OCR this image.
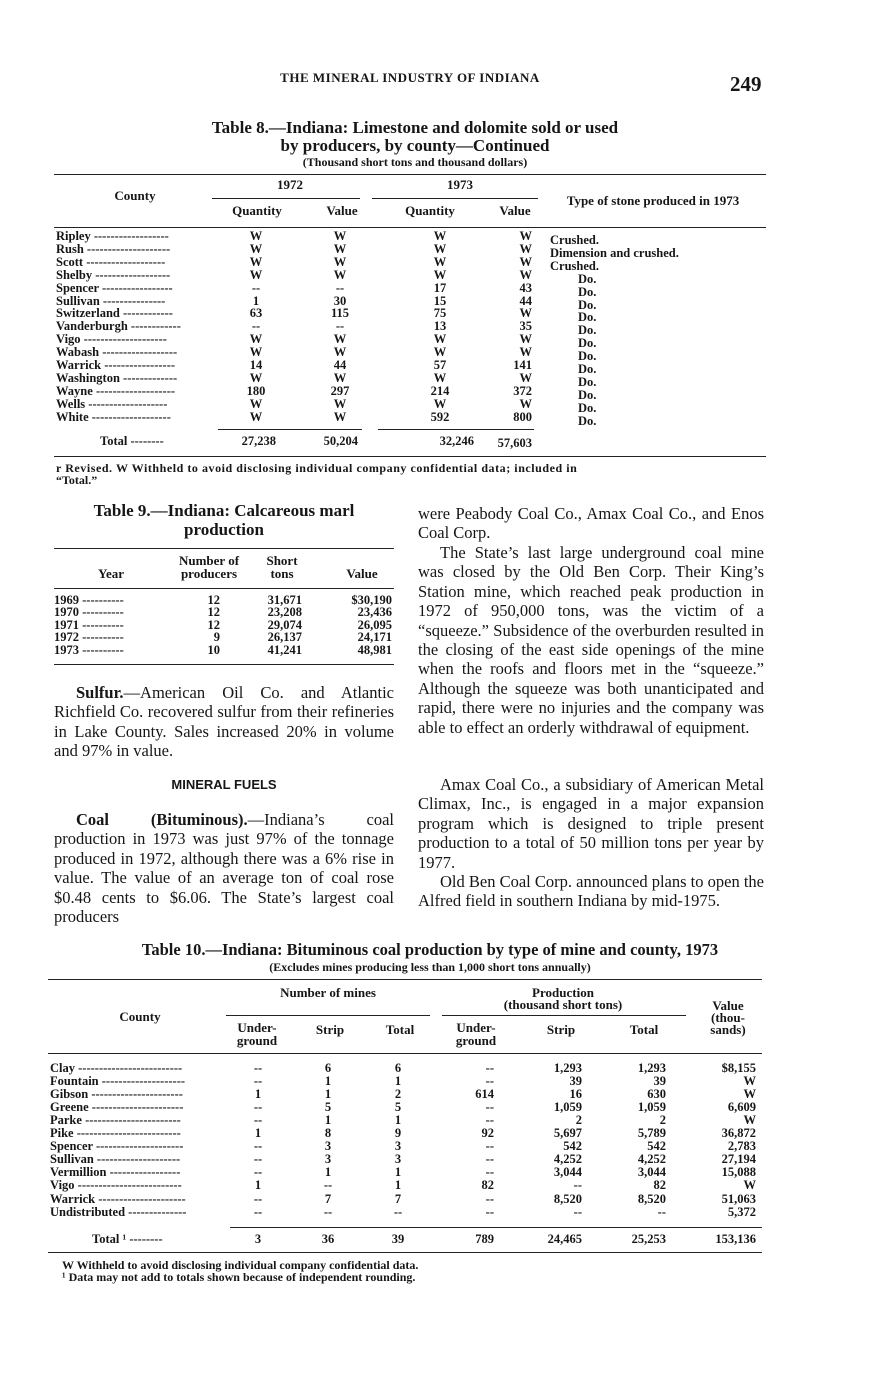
THE MINERAL INDUSTRY OF INDIANA	249
Table 8.—Indiana: Limestone and dolomite sold or used
by producers, by county—Continued
(Thousand short tons and thousand dollars)
County
1972	1973
Quantity	Value	Quantity	Value
Type of stone produced in 1973
Ripley ------------------	W	W	W	W Crushed.
Rush --------------------	W	W	W	W Dimension and crushed.
Scott -------------------	W	W	W	W Crushed.
Shelby ------------------	W	W	W	W	Do.
Spencer -----------------	--	--	17	43	Do.
Sullivan ---------------	1	30	15	44	Do.
Switzerland ------------	63	115	75	W	Do.
Vanderburgh ------------	--	--	13	35	Do.
Vigo --------------------	W	W	W	W	Do.
Wabash ------------------	W	W	W	W	Do.
Warrick -----------------	14	44	57	141	Do.
Washington -------------	W	W	W	W	Do.
Wayne -------------------	180	297	214	372	Do.
Wells -------------------	W	W	W	W	Do.
White -------------------	W	W	592	800	Do.
Total --------	27,238	50,204	32,246	57,603
r Revised. W Withheld to avoid disclosing individual company confidential data; included in
“Total.”
Table 9.—Indiana: Calcareous marl
production
Year
Number of
producers
Short
tons	Value
1969 ----------	12	31,671	$30,190
1970 ----------	12	23,208	23,436
1971 ----------	12	29,074	26,095
1972 ----------	9	26,137	24,171
1973 ----------	10	41,241	48,981
Sulfur.—American Oil Co. and Atlantic Richfield Co. recovered sulfur from their refineries in Lake County. Sales increased 20% in volume and 97% in value.
MINERAL FUELS
Coal (Bituminous).—Indiana’s coal production in 1973 was just 97% of the tonnage produced in 1972, although there was a 6% rise in value. The value of an average ton of coal rose $0.48 cents to $6.06. The State’s largest coal producers
were Peabody Coal Co., Amax Coal Co., and Enos Coal Corp.
The State’s last large underground coal mine was closed by the Old Ben Corp. Their King’s Station mine, which reached peak production in 1972 of 950,000 tons, was the victim of a “squeeze.” Subsidence of the overburden resulted in the closing of the east side openings of the mine when the roofs and floors met in the “squeeze.” Although the squeeze was both unanticipated and rapid, there were no injuries and the company was able to effect an orderly withdrawal of equipment.
Amax Coal Co., a subsidiary of American Metal Climax, Inc., is engaged in a major expansion program which is designed to triple present production to a total of 50 million tons per year by 1977.
Old Ben Coal Corp. announced plans to open the Alfred field in southern Indiana by mid-1975.
Table 10.—Indiana: Bituminous coal production by type of mine and county, 1973
(Excludes mines producing less than 1,000 short tons annually)
County
Number of mines	Production
(thousand short tons)	Value
(thou-
sands)
Under-
ground
Strip	Total	Under-
ground
Strip	Total
Clay -------------------------	--	6	6	--	1,293	1,293	$8,155
Fountain --------------------	--	1	1	--	39	39	W
Gibson ----------------------	1	1	2	614	16	630	W
Greene ----------------------	--	5	5	--	1,059	1,059	6,609
Parke -----------------------	--	1	1	--	2	2	W
Pike -------------------------	1	8	9	92	5,697	5,789	36,872
Spencer ---------------------	--	3	3	--	542	542	2,783
Sullivan --------------------	--	3	3	--	4,252	4,252	27,194
Vermillion -----------------	--	1	1	--	3,044	3,044	15,088
Vigo -------------------------	1	--	1	82	--	82	W
Warrick ---------------------	--	7	7	--	8,520	8,520	51,063
Undistributed --------------	--	--	--	--	--	--	5,372
Total ¹ --------	3	36	39	789	24,465	25,253	153,136
W Withheld to avoid disclosing individual company confidential data.
¹ Data may not add to totals shown because of independent rounding.
